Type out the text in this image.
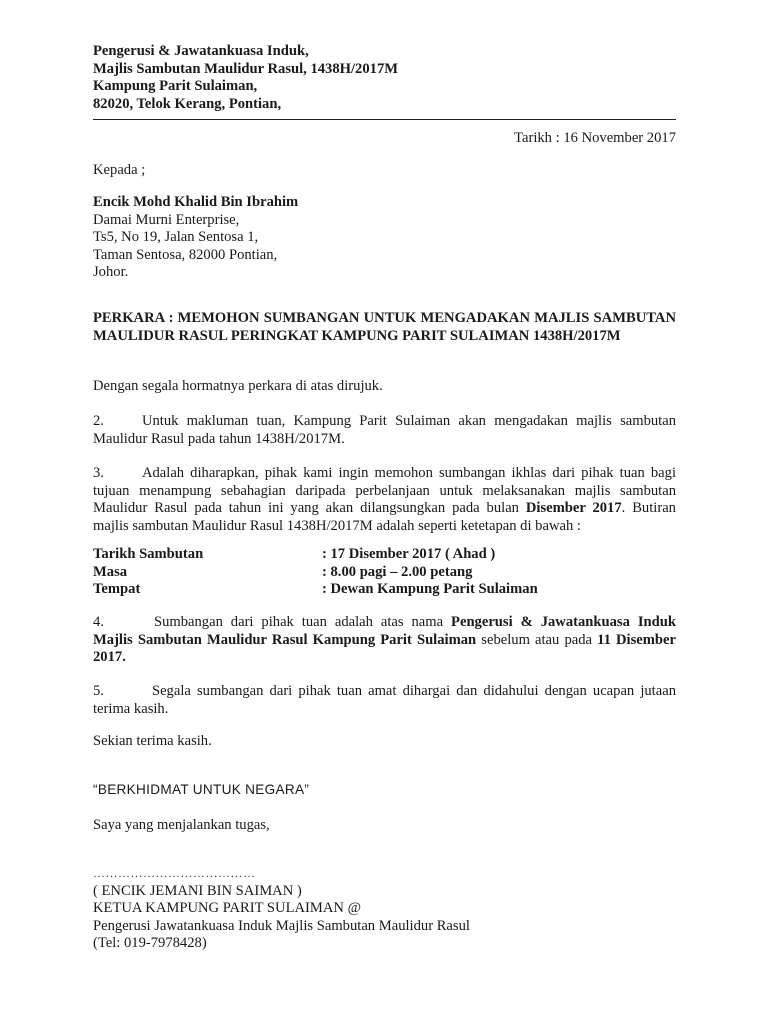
Pengerusi & Jawatankuasa Induk,
Majlis Sambutan Maulidur Rasul, 1438H/2017M
Kampung Parit Sulaiman,
82020, Telok Kerang, Pontian,
Tarikh : 16 November 2017
Kepada ;
Encik Mohd Khalid Bin Ibrahim
Damai Murni Enterprise,
Ts5, No 19, Jalan Sentosa 1,
Taman Sentosa, 82000 Pontian,
Johor.
PERKARA : MEMOHON SUMBANGAN UNTUK MENGADAKAN MAJLIS SAMBUTAN MAULIDUR RASUL PERINGKAT KAMPUNG PARIT SULAIMAN 1438H/2017M
Dengan segala hormatnya perkara di atas dirujuk.
2.	Untuk makluman tuan, Kampung Parit Sulaiman akan mengadakan majlis sambutan Maulidur Rasul pada tahun 1438H/2017M.
3.	Adalah diharapkan, pihak kami ingin memohon sumbangan ikhlas dari pihak tuan bagi tujuan menampung sebahagian daripada perbelanjaan untuk melaksanakan majlis sambutan Maulidur Rasul pada tahun ini yang akan dilangsungkan pada bulan Disember 2017. Butiran majlis sambutan Maulidur Rasul 1438H/2017M adalah seperti ketetapan di bawah :
Tarikh Sambutan	: 17 Disember 2017 ( Ahad )
Masa	: 8.00 pagi – 2.00 petang
Tempat	: Dewan Kampung Parit Sulaiman
4.	Sumbangan dari pihak tuan adalah atas nama Pengerusi & Jawatankuasa Induk Majlis Sambutan Maulidur Rasul Kampung Parit Sulaiman sebelum atau pada 11 Disember 2017.
5.	Segala sumbangan dari pihak tuan amat dihargai dan didahului dengan ucapan jutaan terima kasih.
Sekian terima kasih.
“BERKHIDMAT UNTUK NEGARA”
Saya yang menjalankan tugas,
…………………………………
( ENCIK JEMANI BIN SAIMAN )
KETUA KAMPUNG PARIT SULAIMAN @
Pengerusi Jawatankuasa Induk Majlis Sambutan Maulidur Rasul
(Tel: 019-7978428)
